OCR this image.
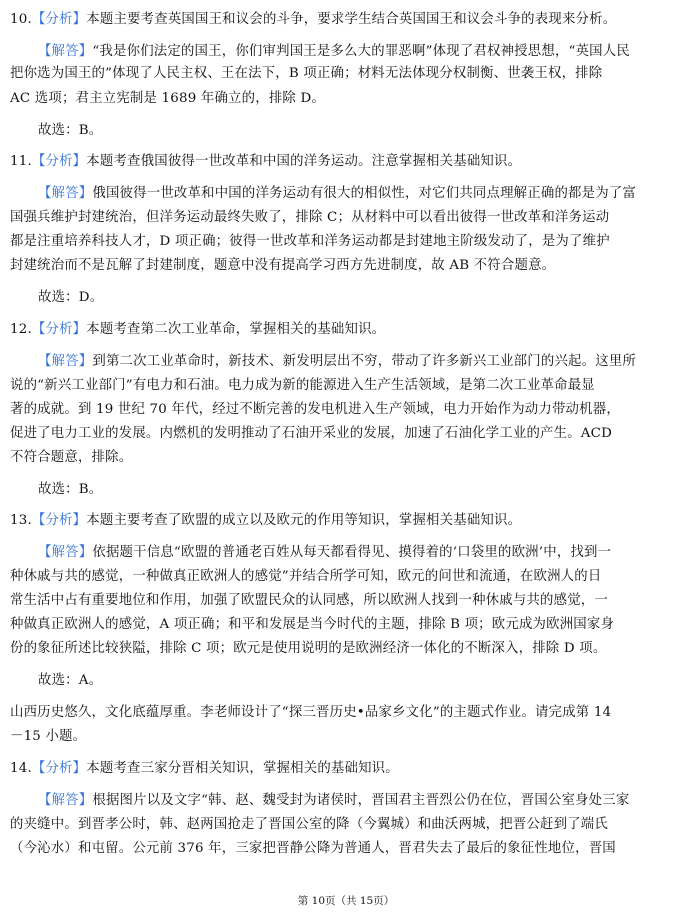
10.【分析】本题主要考查英国国王和议会的斗争，要求学生结合英国国王和议会斗争的表现来分析。
【解答】“我是你们法定的国王，你们审判国王是多么大的罪恶啊”体现了君权神授思想，“英国人民
把你选为国王的”体现了人民主权、王在法下，B 项正确；材料无法体现分权制衡、世袭王权，排除
AC 选项；君主立宪制是 1689 年确立的，排除 D。
故选：B。
11.【分析】本题考查俄国彼得一世改革和中国的洋务运动。注意掌握相关基础知识。
【解答】俄国彼得一世改革和中国的洋务运动有很大的相似性，对它们共同点理解正确的都是为了富
国强兵维护封建统治，但洋务运动最终失败了，排除 C；从材料中可以看出彼得一世改革和洋务运动
都是注重培养科技人才，D 项正确；彼得一世改革和洋务运动都是封建地主阶级发动了，是为了维护
封建统治而不是瓦解了封建制度，题意中没有提高学习西方先进制度，故 AB 不符合题意。
故选：D。
12.【分析】本题考查第二次工业革命，掌握相关的基础知识。
【解答】到第二次工业革命时，新技术、新发明层出不穷，带动了许多新兴工业部门的兴起。这里所
说的“新兴工业部门”有电力和石油。电力成为新的能源进入生产生活领域，是第二次工业革命最显
著的成就。到 19 世纪 70 年代，经过不断完善的发电机进入生产领域，电力开始作为动力带动机器，
促进了电力工业的发展。内燃机的发明推动了石油开采业的发展，加速了石油化学工业的产生。ACD
不符合题意，排除。
故选：B。
13.【分析】本题主要考查了欧盟的成立以及欧元的作用等知识，掌握相关基础知识。
【解答】依据题干信息“欧盟的普通老百姓从每天都看得见、摸得着的‘口袋里的欧洲’中，找到一
种休戚与共的感觉，一种做真正欧洲人的感觉”并结合所学可知，欧元的问世和流通，在欧洲人的日
常生活中占有重要地位和作用，加强了欧盟民众的认同感，所以欧洲人找到一种休戚与共的感觉，一
种做真正欧洲人的感觉，A 项正确；和平和发展是当今时代的主题，排除 B 项；欧元成为欧洲国家身
份的象征所述比较狭隘，排除 C 项；欧元是使用说明的是欧洲经济一体化的不断深入，排除 D 项。
故选：A。
山西历史悠久，文化底蕴厚重。李老师设计了“探三晋历史•品家乡文化”的主题式作业。请完成第 14
－15 小题。
14.【分析】本题考查三家分晋相关知识，掌握相关的基础知识。
【解答】根据图片以及文字“韩、赵、魏受封为诸侯时，晋国君主晋烈公仍在位，晋国公室身处三家
的夹缝中。到晋孝公时，韩、赵两国抢走了晋国公室的降（今翼城）和曲沃两城，把晋公赶到了端氏
（今沁水）和屯留。公元前 376 年，三家把晋静公降为普通人，晋君失去了最后的象征性地位，晋国
第 10页（共 15页）
